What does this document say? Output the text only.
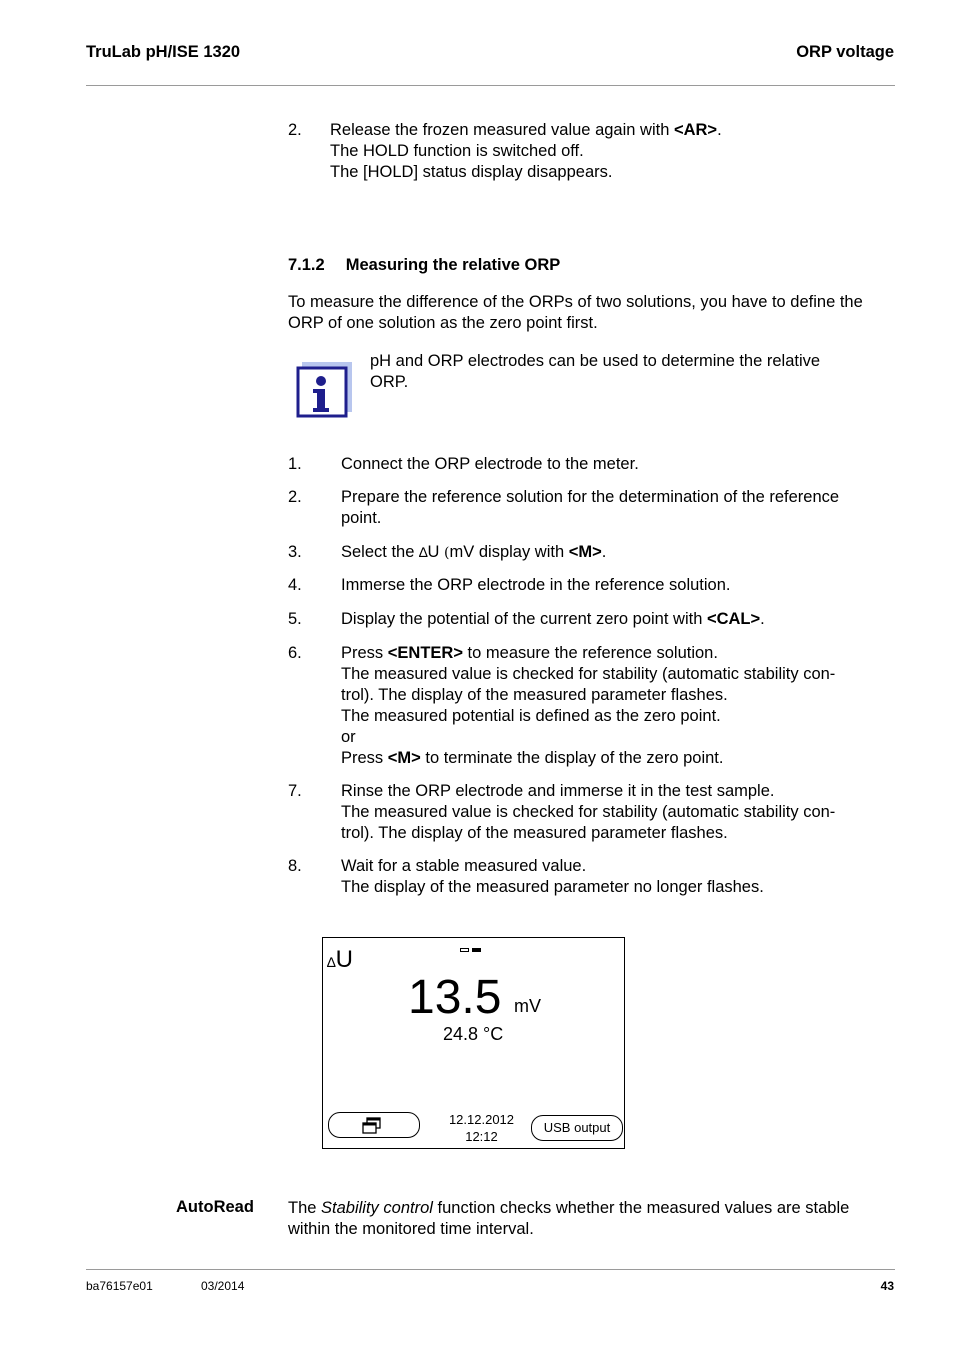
TruLab pH/ISE 1320	ORP voltage
2. Release the frozen measured value again with <AR>.
The HOLD function is switched off.
The [HOLD] status display disappears.
7.1.2 Measuring the relative ORP
To measure the difference of the ORPs of two solutions, you have to define the
ORP of one solution as the zero point first.
pH and ORP electrodes can be used to determine the relative
ORP.
1. Connect the ORP electrode to the meter.
2. Prepare the reference solution for the determination of the reference
point.
3. Select the ∆U (mV display with <M>.
4. Immerse the ORP electrode in the reference solution.
5. Display the potential of the current zero point with <CAL>.
6. Press <ENTER> to measure the reference solution.
The measured value is checked for stability (automatic stability con-
trol). The display of the measured parameter flashes.
The measured potential is defined as the zero point.
or
Press <M> to terminate the display of the zero point.
7. Rinse the ORP electrode and immerse it in the test sample.
The measured value is checked for stability (automatic stability con-
trol). The display of the measured parameter flashes.
8. Wait for a stable measured value.
The display of the measured parameter no longer flashes.
∆U
13.5 mV
24.8 °C
12.12.2012
12:12
USB output
AutoRead The Stability control function checks whether the measured values are stable
within the monitored time interval.
ba76157e01	03/2014	43
